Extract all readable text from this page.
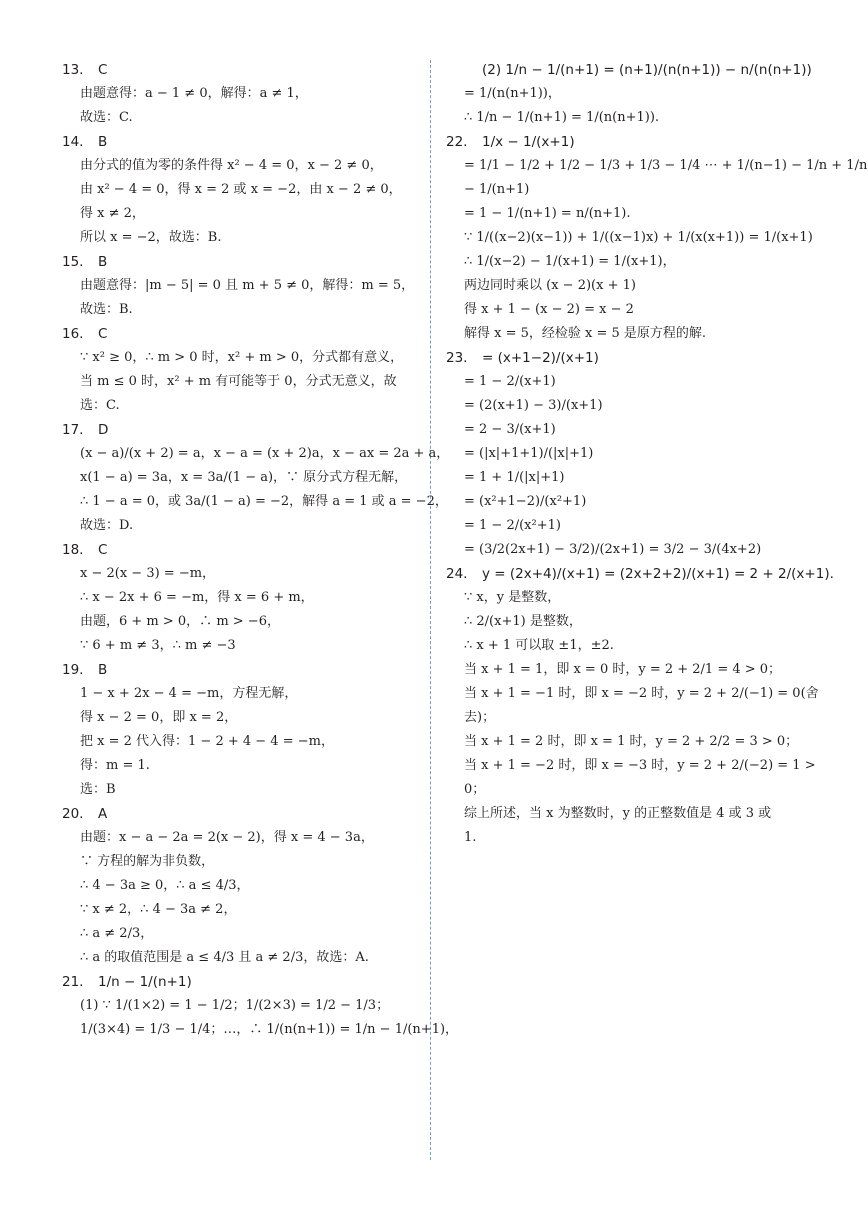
13. C
由题意得：a − 1 ≠ 0，解得：a ≠ 1，
故选：C.
14. B
由分式的值为零的条件得 x² − 4 = 0，x − 2 ≠ 0，
由 x² − 4 = 0，得 x = 2 或 x = −2，由 x − 2 ≠ 0，
得 x ≠ 2，
所以 x = −2，故选：B.
15. B
由题意得：|m − 5| = 0 且 m + 5 ≠ 0，解得：m = 5，
故选：B.
16. C
∵ x² ≥ 0，∴ m > 0 时，x² + m > 0，分式都有意义，
当 m ≤ 0 时，x² + m 有可能等于 0，分式无意义，故
选：C.
17. D
(x − a)/(x + 2) = a，x − a = (x + 2)a，x − ax = 2a + a，
x(1 − a) = 3a，x = 3a/(1 − a)，∵ 原分式方程无解，
∴ 1 − a = 0，或 3a/(1 − a) = −2，解得 a = 1 或 a = −2，
故选：D.
18. C
x − 2(x − 3) = −m，
∴ x − 2x + 6 = −m，得 x = 6 + m，
由题，6 + m > 0，∴ m > −6，
∵ 6 + m ≠ 3，∴ m ≠ −3
19. B
1 − x + 2x − 4 = −m，方程无解，
得 x − 2 = 0，即 x = 2，
把 x = 2 代入得：1 − 2 + 4 − 4 = −m，
得：m = 1.
选：B
20. A
由题：x − a − 2a = 2(x − 2)，得 x = 4 − 3a，
∵ 方程的解为非负数，
∴ 4 − 3a ≥ 0，∴ a ≤ 4/3，
∵ x ≠ 2，∴ 4 − 3a ≠ 2，
∴ a ≠ 2/3，
∴ a 的取值范围是 a ≤ 4/3 且 a ≠ 2/3，故选：A.
21. 1/n − 1/(n+1)
(1) ∵ 1/(1×2) = 1 − 1/2；1/(2×3) = 1/2 − 1/3；
1/(3×4) = 1/3 − 1/4；…，∴ 1/(n(n+1)) = 1/n − 1/(n+1)，
(2) 1/n − 1/(n+1) = (n+1)/(n(n+1)) − n/(n(n+1))
= 1/(n(n+1))，
∴ 1/n − 1/(n+1) = 1/(n(n+1)).
22. 1/x − 1/(x+1)
= 1/1 − 1/2 + 1/2 − 1/3 + 1/3 − 1/4 ⋯ + 1/(n−1) − 1/n + 1/n
− 1/(n+1)
= 1 − 1/(n+1) = n/(n+1).
∵ 1/((x−2)(x−1)) + 1/((x−1)x) + 1/(x(x+1)) = 1/(x+1)
∴ 1/(x−2) − 1/(x+1) = 1/(x+1)，
两边同时乘以 (x − 2)(x + 1)
得 x + 1 − (x − 2) = x − 2
解得 x = 5，经检验 x = 5 是原方程的解.
23. = (x+1−2)/(x+1)
= 1 − 2/(x+1)
= (2(x+1) − 3)/(x+1)
= 2 − 3/(x+1)
= (|x|+1+1)/(|x|+1)
= 1 + 1/(|x|+1)
= (x²+1−2)/(x²+1)
= 1 − 2/(x²+1)
= (3/2(2x+1) − 3/2)/(2x+1) = 3/2 − 3/(4x+2)
24. y = (2x+4)/(x+1) = (2x+2+2)/(x+1) = 2 + 2/(x+1).
∵ x，y 是整数，
∴ 2/(x+1) 是整数，
∴ x + 1 可以取 ±1，±2.
当 x + 1 = 1，即 x = 0 时，y = 2 + 2/1 = 4 > 0；
当 x + 1 = −1 时，即 x = −2 时，y = 2 + 2/(−1) = 0(舍
去)；
当 x + 1 = 2 时，即 x = 1 时，y = 2 + 2/2 = 3 > 0；
当 x + 1 = −2 时，即 x = −3 时，y = 2 + 2/(−2) = 1 >
0；
综上所述，当 x 为整数时，y 的正整数值是 4 或 3 或
1.
